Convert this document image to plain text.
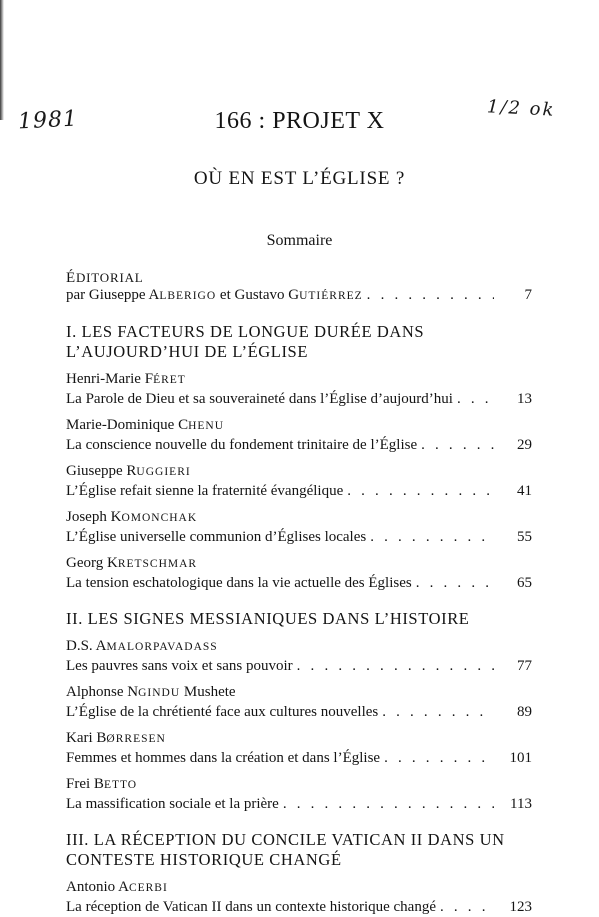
1981	1/2 ok
166 : PROJET X
OÙ EN EST L’ÉGLISE ?
Sommaire
ÉDITORIAL
par Giuseppe ALBERIGO et Gustavo GUTIÉRREZ . . .	7
I. LES FACTEURS DE LONGUE DURÉE DANS L’AUJOURD’HUI DE L’ÉGLISE
Henri-Marie FÉRET
La Parole de Dieu et sa souveraineté dans l’Église d’aujourd’hui . . .	13
Marie-Dominique CHENU
La conscience nouvelle du fondement trinitaire de l’Église . . .	29
Giuseppe RUGGIERI
L’Église refait sienne la fraternité évangélique . . .	41
Joseph KOMONCHAK
L’Église universelle communion d’Églises locales . . .	55
Georg KRETSCHMAR
La tension eschatologique dans la vie actuelle des Églises . . .	65
II. LES SIGNES MESSIANIQUES DANS L’HISTOIRE
D.S. AMALORPAVADASS
Les pauvres sans voix et sans pouvoir . . .	77
Alphonse NGINDU Mushete
L’Église de la chrétienté face aux cultures nouvelles . . .	89
Kari BØRRESEN
Femmes et hommes dans la création et dans l’Église . . .	101
Frei BETTO
La massification sociale et la prière . . .	113
III. LA RÉCEPTION DU CONCILE VATICAN II DANS UN CONTESTE HISTORIQUE CHANGÉ
Antonio ACERBI
La réception de Vatican II dans un contexte historique changé . . .	123
